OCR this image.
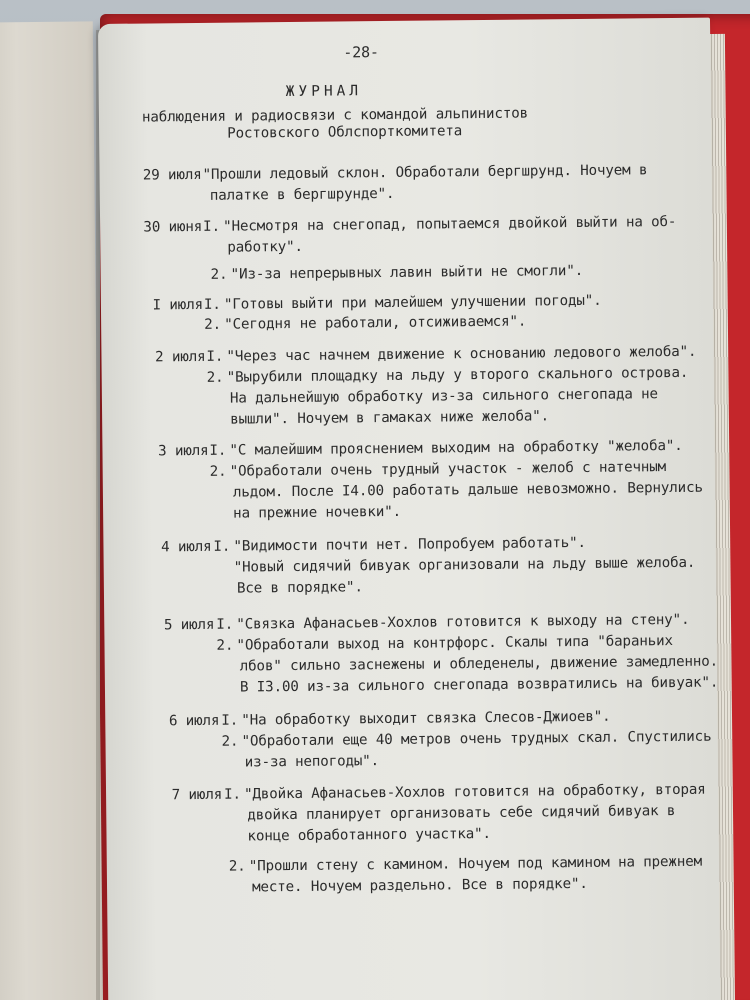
-28-
ЖУРНАЛ
наблюдения и радиосвязи с командой альпинистов
Ростовского Облспорткомитета
29 июля "Прошли ледовый склон. Обработали бергшрунд. Ночуем в
палатке в бергшрунде".
30 июня I. "Несмотря на снегопад, попытаемся двойкой выйти на об-
работку".
2. "Из-за непрерывных лавин выйти не смогли".
I июля I. "Готовы выйти при малейшем улучшении погоды".
2. "Сегодня не работали, отсиживаемся".
2 июля I. "Через час начнем движение к основанию ледового желоба".
2. "Вырубили площадку на льду у второго скального острова.
На дальнейшую обработку из-за сильного снегопада не
вышли". Ночуем в гамаках ниже желоба".
3 июля I. "С малейшим прояснением выходим на обработку "желоба".
2. "Обработали очень трудный участок - желоб с натечным
льдом. После I4.00 работать дальше невозможно. Вернулись
на прежние ночевки".
4 июля I. "Видимости почти нет. Попробуем работать".
"Новый сидячий бивуак организовали на льду выше желоба.
Все в порядке".
5 июля I. "Связка Афанасьев-Хохлов готовится к выходу на стену".
2. "Обработали выход на контрфорс. Скалы типа "бараньих
лбов" сильно заснежены и обледенелы, движение замедленно.
В I3.00 из-за сильного снегопада возвратились на бивуак".
6 июля I. "На обработку выходит связка Слесов-Джиоев".
2. "Обработали еще 40 метров очень трудных скал. Спустились
из-за непогоды".
7 июля I. "Двойка Афанасьев-Хохлов готовится на обработку, вторая
двойка планирует организовать себе сидячий бивуак в
конце обработанного участка".
2. "Прошли стену с камином. Ночуем под камином на прежнем
месте. Ночуем раздельно. Все в порядке".
